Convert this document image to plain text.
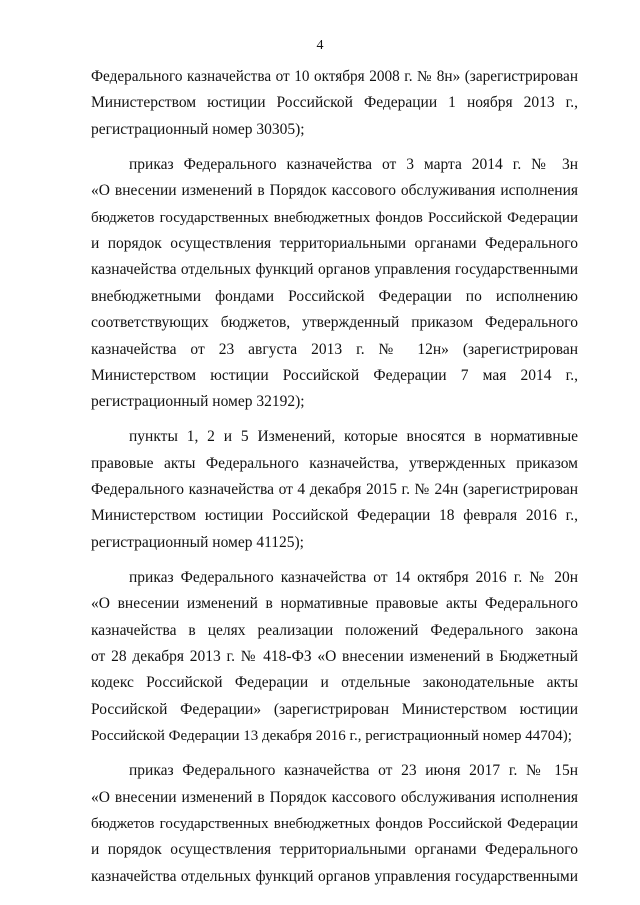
4
Федерального казначейства от 10 октября 2008 г. № 8н» (зарегистрирован
Министерством юстиции Российской Федерации 1 ноября 2013 г.,
регистрационный номер 30305);
приказ Федерального казначейства от 3 марта 2014 г. № 3н
«О внесении изменений в Порядок кассового обслуживания исполнения
бюджетов государственных внебюджетных фондов Российской Федерации
и порядок осуществления территориальными органами Федерального
казначейства отдельных функций органов управления государственными
внебюджетными фондами Российской Федерации по исполнению
соответствующих бюджетов, утвержденный приказом Федерального
казначейства от 23 августа 2013 г. № 12н» (зарегистрирован
Министерством юстиции Российской Федерации 7 мая 2014 г.,
регистрационный номер 32192);
пункты 1, 2 и 5 Изменений, которые вносятся в нормативные
правовые акты Федерального казначейства, утвержденных приказом
Федерального казначейства от 4 декабря 2015 г. № 24н (зарегистрирован
Министерством юстиции Российской Федерации 18 февраля 2016 г.,
регистрационный номер 41125);
приказ Федерального казначейства от 14 октября 2016 г. № 20н
«О внесении изменений в нормативные правовые акты Федерального
казначейства в целях реализации положений Федерального закона
от 28 декабря 2013 г. № 418-ФЗ «О внесении изменений в Бюджетный
кодекс Российской Федерации и отдельные законодательные акты
Российской Федерации» (зарегистрирован Министерством юстиции
Российской Федерации 13 декабря 2016 г., регистрационный номер 44704);
приказ Федерального казначейства от 23 июня 2017 г. № 15н
«О внесении изменений в Порядок кассового обслуживания исполнения
бюджетов государственных внебюджетных фондов Российской Федерации
и порядок осуществления территориальными органами Федерального
казначейства отдельных функций органов управления государственными
